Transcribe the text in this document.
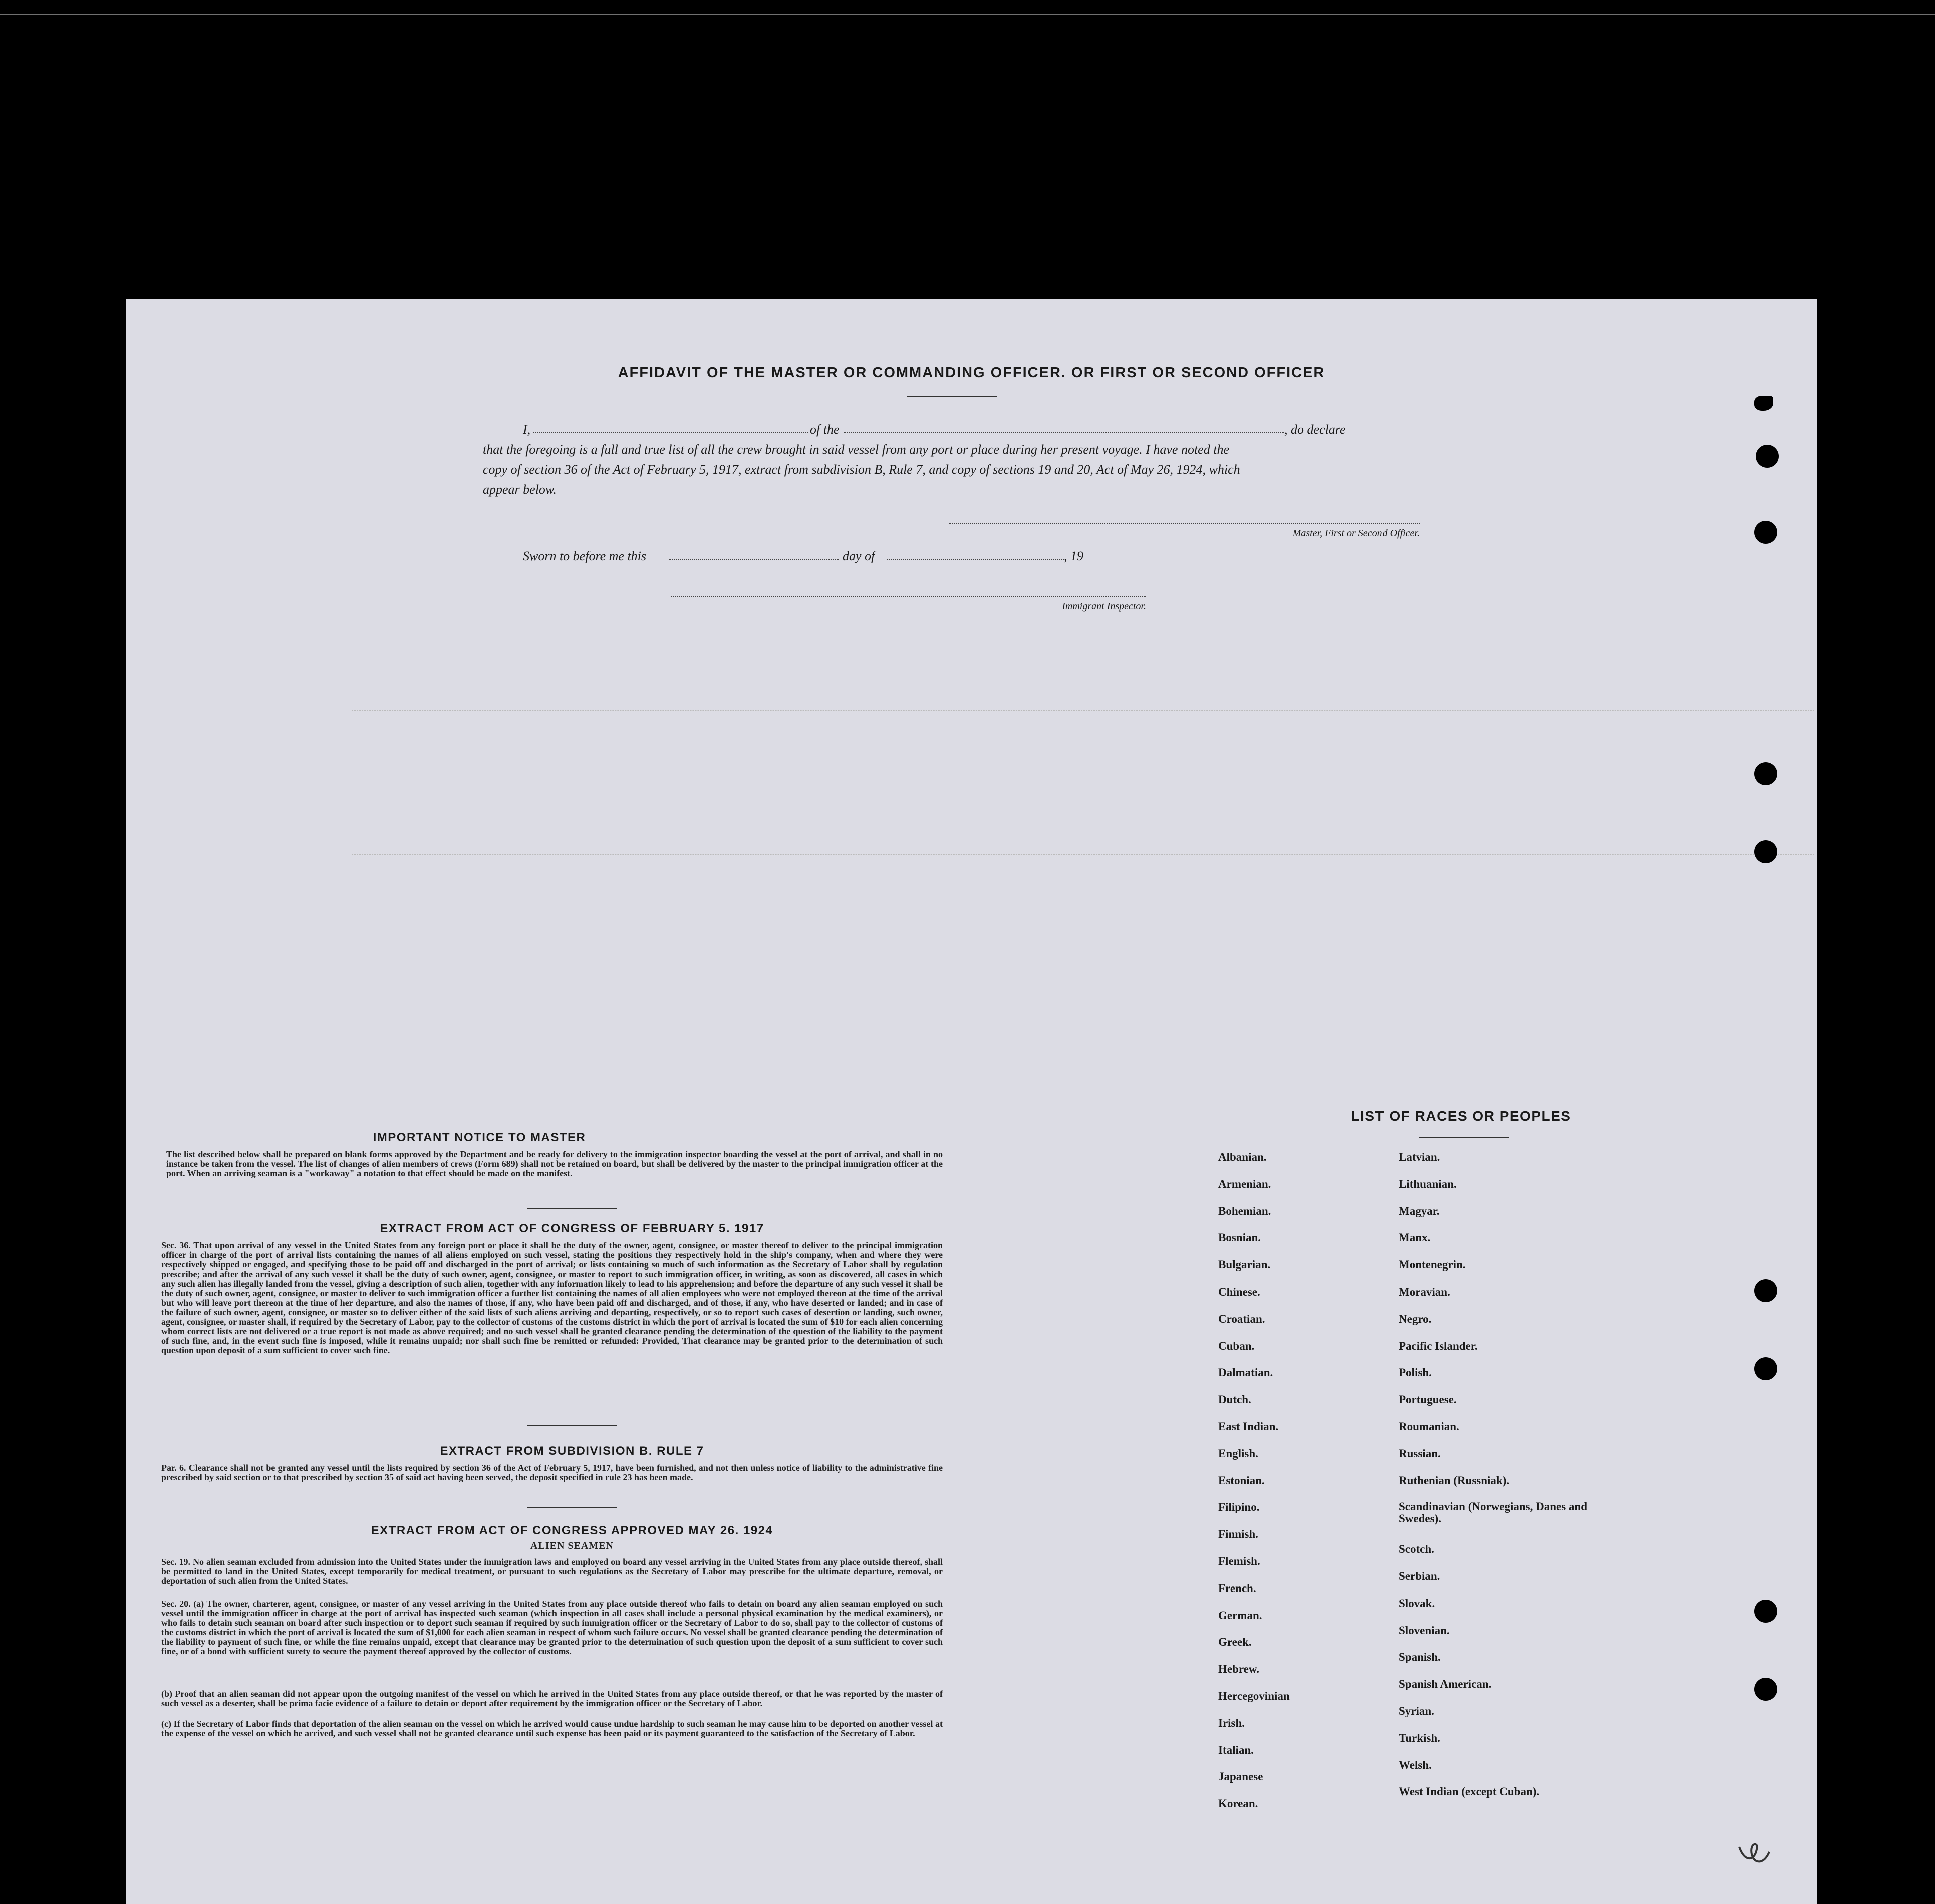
AFFIDAVIT OF THE MASTER OR COMMANDING OFFICER. OR FIRST OR SECOND OFFICER
I,	of the	, do declare
that the foregoing is a full and true list of all the crew brought in said vessel from any port or place during her present voyage. I have noted the
copy of section 36 of the Act of February 5, 1917, extract from subdivision B, Rule 7, and copy of sections 19 and 20, Act of May 26, 1924, which
appear below.
Master, First or Second Officer.
Sworn to before me this	day of	, 19
Immigrant Inspector.
IMPORTANT NOTICE TO MASTER
The list described below shall be prepared on blank forms approved by the Department and be ready for delivery to the immigration inspector boarding the vessel at the port of arrival, and shall in no instance be taken from the vessel. The list of changes of alien members of crews (Form 689) shall not be retained on board, but shall be delivered by the master to the principal immigration officer at the port. When an arriving seaman is a "workaway" a notation to that effect should be made on the manifest.
EXTRACT FROM ACT OF CONGRESS OF FEBRUARY 5. 1917
Sec. 36. That upon arrival of any vessel in the United States from any foreign port or place it shall be the duty of the owner, agent, consignee, or master thereof to deliver to the principal immigration officer in charge of the port of arrival lists containing the names of all aliens employed on such vessel, stating the positions they respectively hold in the ship's company, when and where they were respectively shipped or engaged, and specifying those to be paid off and discharged in the port of arrival; or lists containing so much of such information as the Secretary of Labor shall by regulation prescribe; and after the arrival of any such vessel it shall be the duty of such owner, agent, consignee, or master to report to such immigration officer, in writing, as soon as discovered, all cases in which any such alien has illegally landed from the vessel, giving a description of such alien, together with any information likely to lead to his apprehension; and before the departure of any such vessel it shall be the duty of such owner, agent, consignee, or master to deliver to such immigration officer a further list containing the names of all alien employees who were not employed thereon at the time of the arrival but who will leave port thereon at the time of her departure, and also the names of those, if any, who have been paid off and discharged, and of those, if any, who have deserted or landed; and in case of the failure of such owner, agent, consignee, or master so to deliver either of the said lists of such aliens arriving and departing, respectively, or so to report such cases of desertion or landing, such owner, agent, consignee, or master shall, if required by the Secretary of Labor, pay to the collector of customs of the customs district in which the port of arrival is located the sum of $10 for each alien concerning whom correct lists are not delivered or a true report is not made as above required; and no such vessel shall be granted clearance pending the determination of the question of the liability to the payment of such fine, and, in the event such fine is imposed, while it remains unpaid; nor shall such fine be remitted or refunded: Provided, That clearance may be granted prior to the determination of such question upon deposit of a sum sufficient to cover such fine.
EXTRACT FROM SUBDIVISION B. RULE 7
Par. 6. Clearance shall not be granted any vessel until the lists required by section 36 of the Act of February 5, 1917, have been furnished, and not then unless notice of liability to the administrative fine prescribed by said section or to that prescribed by section 35 of said act having been served, the deposit specified in rule 23 has been made.
EXTRACT FROM ACT OF CONGRESS APPROVED MAY 26. 1924
ALIEN SEAMEN
Sec. 19. No alien seaman excluded from admission into the United States under the immigration laws and employed on board any vessel arriving in the United States from any place outside thereof, shall be permitted to land in the United States, except temporarily for medical treatment, or pursuant to such regulations as the Secretary of Labor may prescribe for the ultimate departure, removal, or deportation of such alien from the United States.
Sec. 20. (a) The owner, charterer, agent, consignee, or master of any vessel arriving in the United States from any place outside thereof who fails to detain on board any alien seaman employed on such vessel until the immigration officer in charge at the port of arrival has inspected such seaman (which inspection in all cases shall include a personal physical examination by the medical examiners), or who fails to detain such seaman on board after such inspection or to deport such seaman if required by such immigration officer or the Secretary of Labor to do so, shall pay to the collector of customs of the customs district in which the port of arrival is located the sum of $1,000 for each alien seaman in respect of whom such failure occurs. No vessel shall be granted clearance pending the determination of the liability to payment of such fine, or while the fine remains unpaid, except that clearance may be granted prior to the determination of such question upon the deposit of a sum sufficient to cover such fine, or of a bond with sufficient surety to secure the payment thereof approved by the collector of customs.
(b) Proof that an alien seaman did not appear upon the outgoing manifest of the vessel on which he arrived in the United States from any place outside thereof, or that he was reported by the master of such vessel as a deserter, shall be prima facie evidence of a failure to detain or deport after requirement by the immigration officer or the Secretary of Labor.
(c) If the Secretary of Labor finds that deportation of the alien seaman on the vessel on which he arrived would cause undue hardship to such seaman he may cause him to be deported on another vessel at the expense of the vessel on which he arrived, and such vessel shall not be granted clearance until such expense has been paid or its payment guaranteed to the satisfaction of the Secretary of Labor.
LIST OF RACES OR PEOPLES
Albanian.
Armenian.
Bohemian.
Bosnian.
Bulgarian.
Chinese.
Croatian.
Cuban.
Dalmatian.
Dutch.
East Indian.
English.
Estonian.
Filipino.
Finnish.
Flemish.
French.
German.
Greek.
Hebrew.
Hercegovinian
Irish.
Italian.
Japanese
Korean.
Latvian.
Lithuanian.
Magyar.
Manx.
Montenegrin.
Moravian.
Negro.
Pacific Islander.
Polish.
Portuguese.
Roumanian.
Russian.
Ruthenian (Russniak).
Scandinavian (Norwegians, Danes and Swedes).
Scotch.
Serbian.
Slovak.
Slovenian.
Spanish.
Spanish American.
Syrian.
Turkish.
Welsh.
West Indian (except Cuban).
